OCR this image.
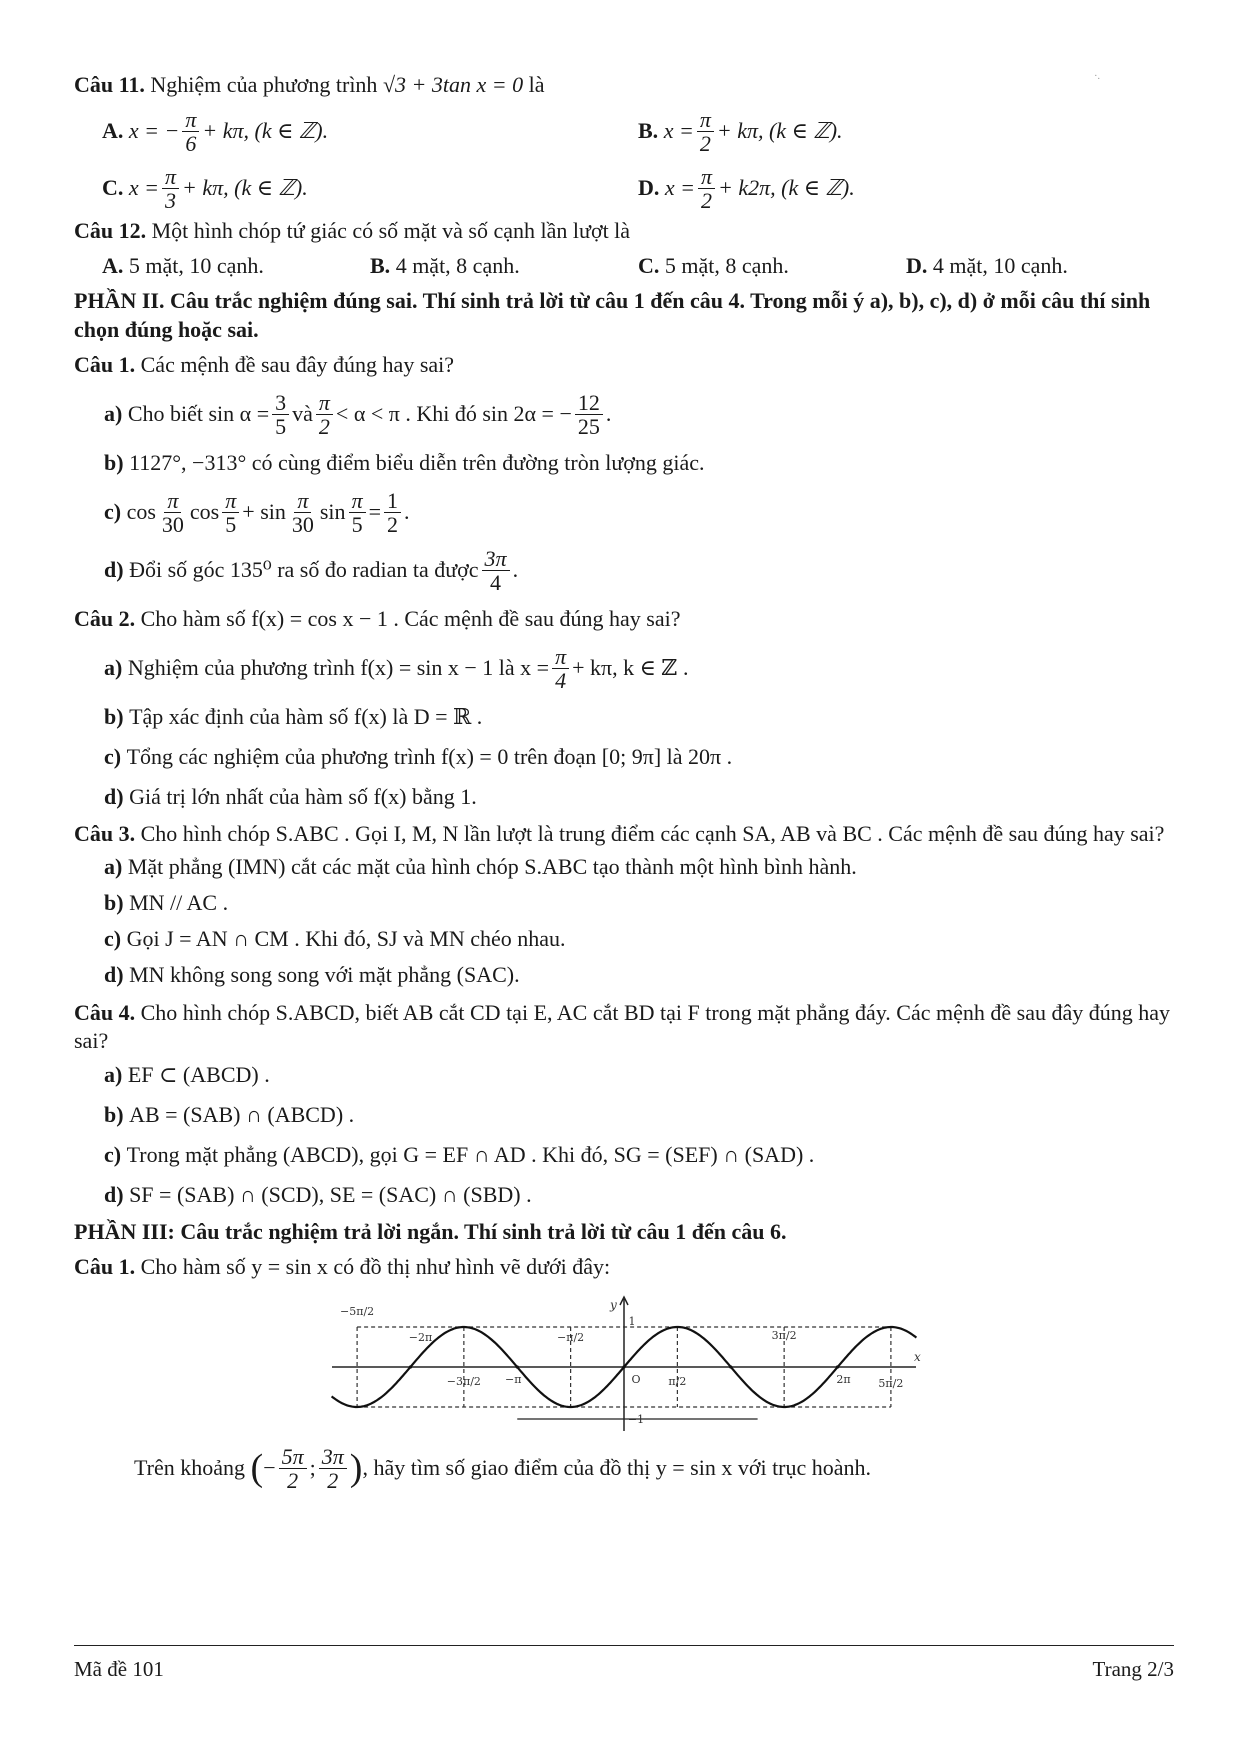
·.
Câu 11.
Nghiệm của phương trình
√3 + 3tan x = 0
là
A.
x = − $\frac{\pi}{6} + k\pi$, (k ∈ ℤ).	B.
$x = \frac{\pi}{2} + k\pi$, (k ∈ ℤ).
C.
$x = \frac{\pi}{3} + k\pi$, (k ∈ ℤ).	D.
$x = \frac{\pi}{2} + k2\pi$, (k ∈ ℤ).
Câu 12.
Một hình chóp tứ giác có số mặt và số cạnh lần lượt là
A. 5 mặt, 10 cạnh.	B. 4 mặt, 8 cạnh.	C. 5 mặt, 8 cạnh.	D. 4 mặt, 10 cạnh.
PHẦN II. Câu trắc nghiệm đúng sai. Thí sinh trả lời từ câu 1 đến câu 4. Trong mỗi ý a), b), c), d) ở mỗi câu thí sinh chọn đúng hoặc sai.
Câu 1.
Các mệnh đề sau đây đúng hay sai?
a)
Cho biết $\sin \alpha = \frac{3}{5}$ và $\frac{\pi}{2} < \alpha < \pi$ . Khi đó sin 2α = − $\frac{12}{25}$ .
b)
1127°, −313° có cùng điểm biểu diễn trên đường tròn lượng giác.
c)
$\cos \frac{\pi}{30}$ $\cos \frac{\pi}{5} + \sin \frac{\pi}{30}$ $\sin \frac{\pi}{5} = \frac{1}{2}$ .
d)
Đổi số góc 135⁰ ra số đo radian ta được $\frac{3\pi}{4}$ .
Câu 2.
Cho hàm số f(x) = cos x − 1 . Các mệnh đề sau đúng hay sai?
a)
Nghiệm của phương trình f(x) = sin x − 1 là $x = \frac{\pi}{4} + k\pi$, k ∈ ℤ .
b)
Tập xác định của hàm số f(x) là D = ℝ .
c)
Tổng các nghiệm của phương trình f(x) = 0 trên đoạn [0; 9π] là 20π .
d)
Giá trị lớn nhất của hàm số f(x) bằng 1.
Câu 3. Cho hình chóp S.ABC . Gọi I, M, N lần lượt là trung điểm các cạnh SA, AB và BC . Các mệnh đề sau đúng hay sai?
a)
Mặt phẳng (IMN) cắt các mặt của hình chóp S.ABC tạo thành một hình bình hành.
b)
MN // AC .
c)
Gọi J = AN ∩ CM . Khi đó, SJ và MN chéo nhau.
d)
MN không song song với mặt phẳng (SAC).
Câu 4. Cho hình chóp S.ABCD, biết AB cắt CD tại E, AC cắt BD tại F trong mặt phẳng đáy. Các mệnh đề sau đây đúng hay sai?
a)
EF ⊂ (ABCD) .
b)
AB = (SAB) ∩ (ABCD) .
c)
Trong mặt phẳng (ABCD), gọi G = EF ∩ AD . Khi đó, SG = (SEF) ∩ (SAD) .
d)
SF = (SAB) ∩ (SCD), SE = (SAC) ∩ (SBD) .
PHẦN III: Câu trắc nghiệm trả lời ngắn. Thí sinh trả lời từ câu 1 đến câu 6.
Câu 1.
Cho hàm số y = sin x có đồ thị như hình vẽ dưới đây:
−5π/2
−2π
−3π/2 −π
−π/2
O	π/2
3π/2
2π	5π/2
1
−1
x
y
Trên khoảng
( − $\frac{5\pi}{2}$ ; $\frac{3\pi}{2}$ ) , hãy tìm số giao điểm của đồ thị y = sin x với trục hoành.
Mã đề 101	Trang 2/3
